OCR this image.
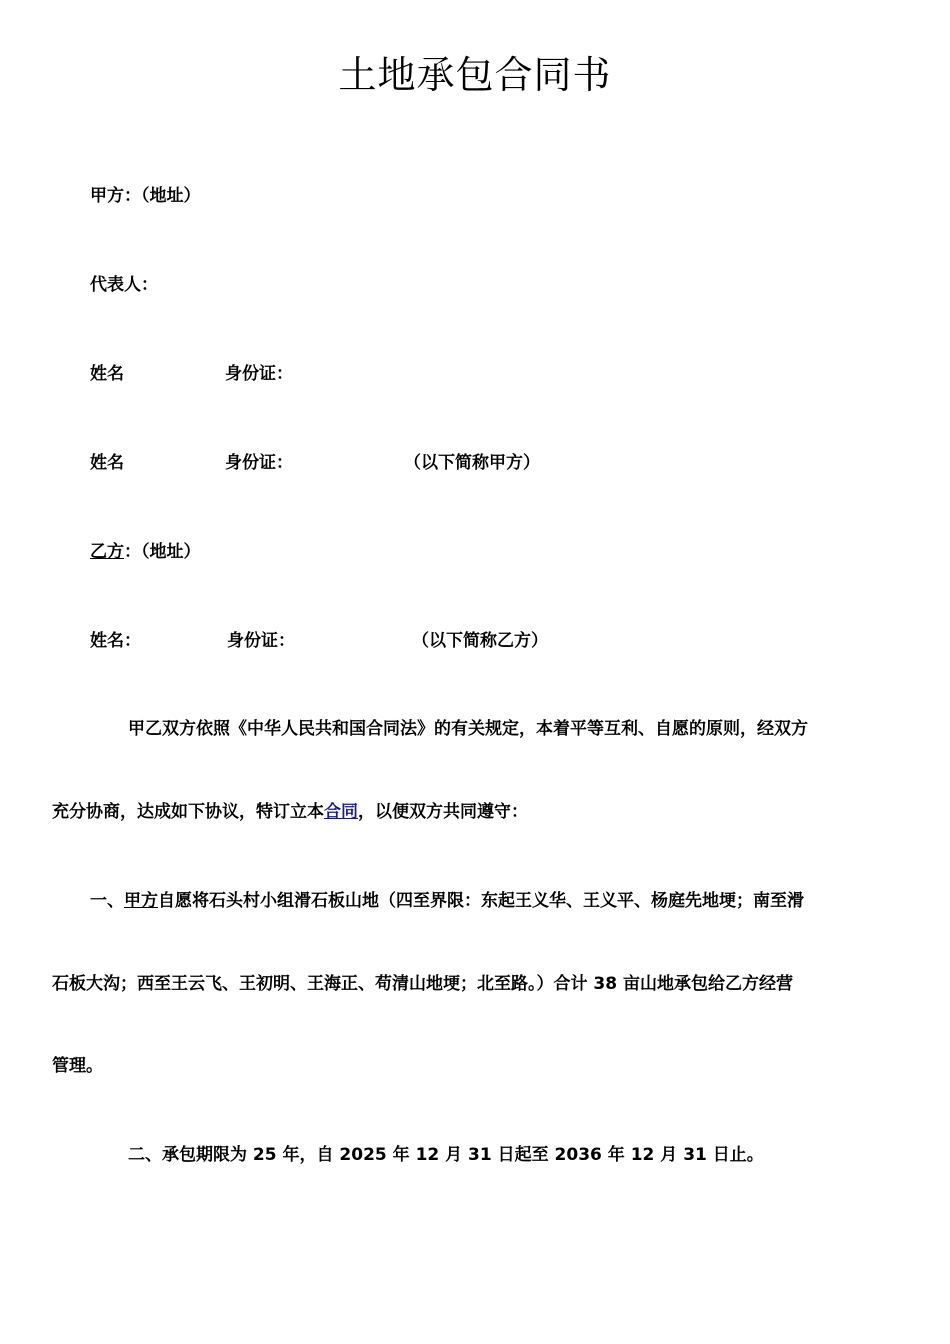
土地承包合同书
甲方：（地址）
代表人：
姓名	身份证：
姓名	身份证：	（以下简称甲方）
乙方：（地址）
姓名：	身份证：	（以下简称乙方）
甲乙双方依照《中华人民共和国合同法》的有关规定，本着平等互利、自愿的原则，经双方
充分协商，达成如下协议，特订立本合同，以便双方共同遵守：
一、甲方自愿将石头村小组滑石板山地（四至界限：东起王义华、王义平、杨庭先地埂；南至滑
石板大沟；西至王云飞、王初明、王海正、苟清山地埂；北至路。）合计 38 亩山地承包给乙方经营
管理。
二、承包期限为 25 年，自 2025 年 12 月 31 日起至 2036 年 12 月 31 日止。
